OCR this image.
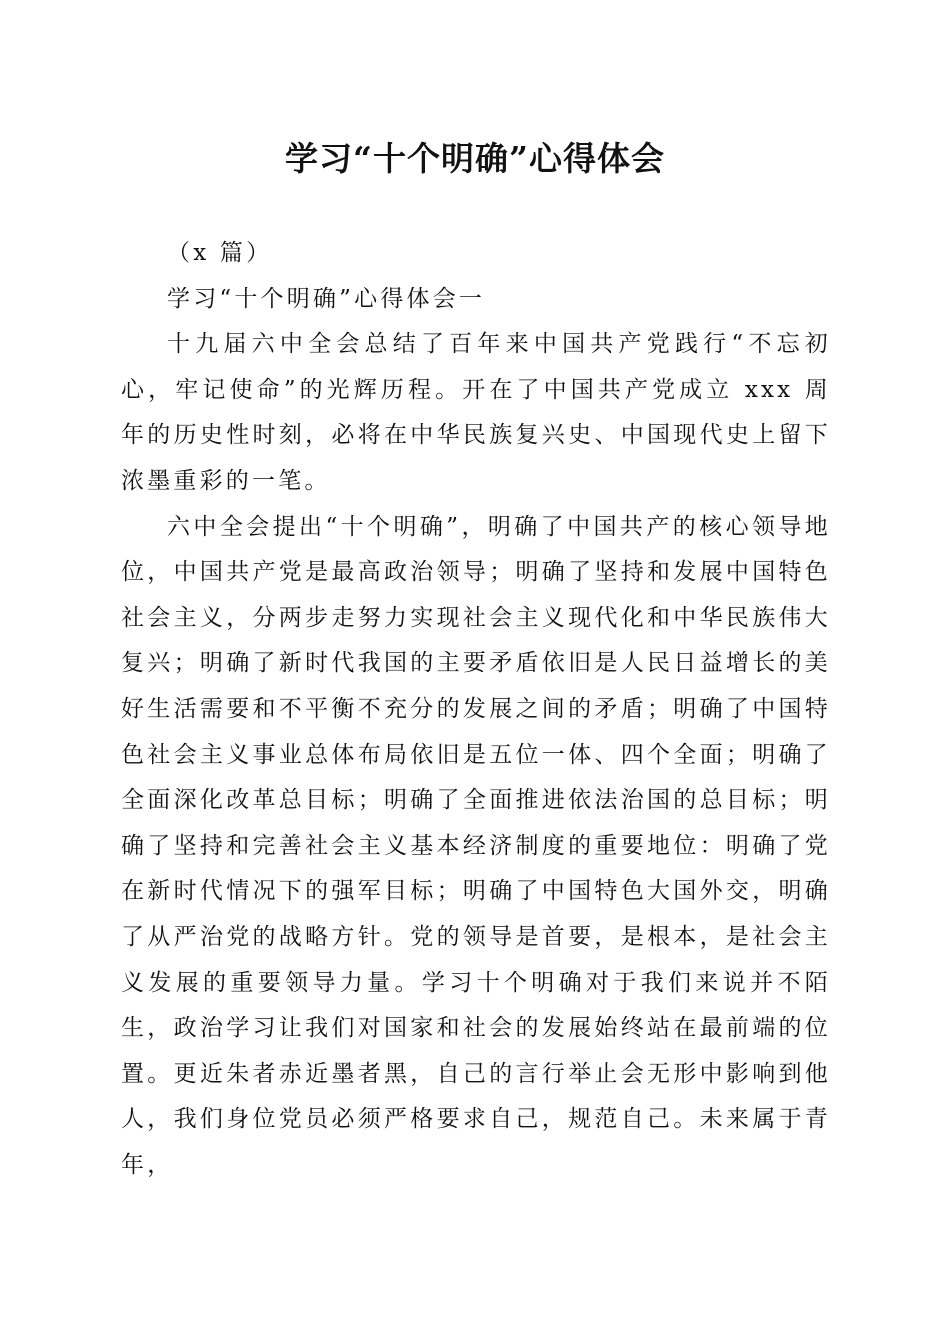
学习“十个明确”心得体会

（x 篇）

学习“十个明确”心得体会一

十九届六中全会总结了百年来中国共产党践行“不忘初心，牢记使命”的光辉历程。开在了中国共产党成立 xxx 周年的历史性时刻，必将在中华民族复兴史、中国现代史上留下浓墨重彩的一笔。

六中全会提出“十个明确”，明确了中国共产的核心领导地位，中国共产党是最高政治领导；明确了坚持和发展中国特色社会主义，分两步走努力实现社会主义现代化和中华民族伟大复兴；明确了新时代我国的主要矛盾依旧是人民日益增长的美好生活需要和不平衡不充分的发展之间的矛盾；明确了中国特色社会主义事业总体布局依旧是五位一体、四个全面；明确了全面深化改革总目标；明确了全面推进依法治国的总目标；明确了坚持和完善社会主义基本经济制度的重要地位：明确了党在新时代情况下的强军目标；明确了中国特色大国外交，明确了从严治党的战略方针。党的领导是首要，是根本，是社会主义发展的重要领导力量。学习十个明确对于我们来说并不陌生，政治学习让我们对国家和社会的发展始终站在最前端的位置。更近朱者赤近墨者黑，自己的言行举止会无形中影响到他人，我们身位党员必须严格要求自己，规范自己。未来属于青年，
